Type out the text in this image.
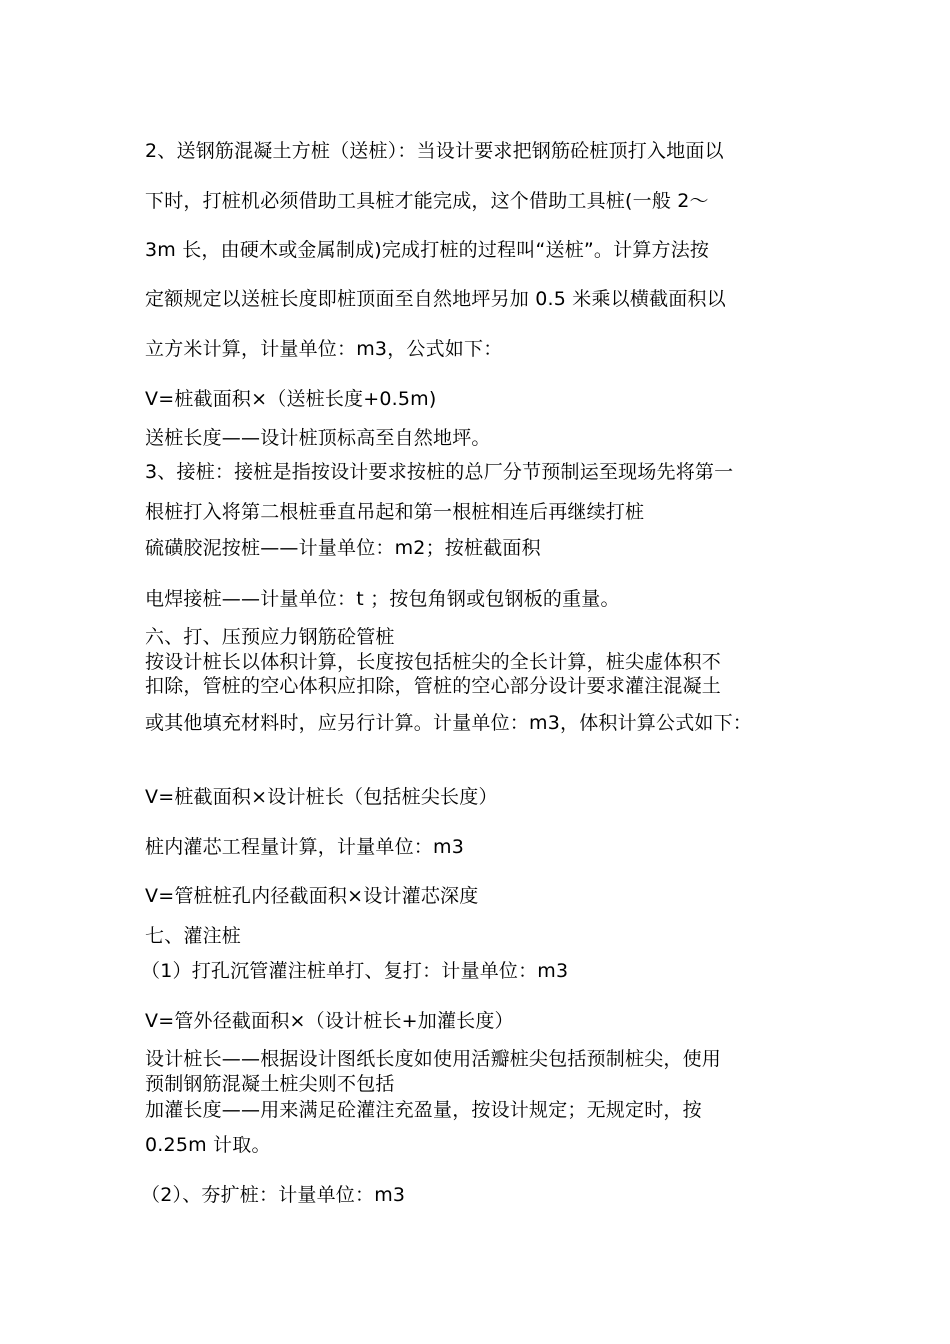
2、送钢筋混凝土方桩（送桩）：当设计要求把钢筋砼桩顶打入地面以
下时，打桩机必须借助工具桩才能完成，这个借助工具桩(一般 2～
3m 长，由硬木或金属制成)完成打桩的过程叫“送桩”。计算方法按
定额规定以送桩长度即桩顶面至自然地坪另加 0.5 米乘以横截面积以
立方米计算，计量单位：m3，公式如下：
V=桩截面积×（送桩长度+0.5m)
送桩长度——设计桩顶标高至自然地坪。
3、接桩：接桩是指按设计要求按桩的总厂分节预制运至现场先将第一
根桩打入将第二根桩垂直吊起和第一根桩相连后再继续打桩
硫磺胶泥按桩——计量单位：m2；按桩截面积
电焊接桩——计量单位：t ；按包角钢或包钢板的重量。
六、打、压预应力钢筋砼管桩
按设计桩长以体积计算，长度按包括桩尖的全长计算，桩尖虚体积不
扣除，管桩的空心体积应扣除，管桩的空心部分设计要求灌注混凝土
或其他填充材料时，应另行计算。计量单位：m3，体积计算公式如下：
V=桩截面积×设计桩长（包括桩尖长度）
桩内灌芯工程量计算，计量单位：m3
V=管桩桩孔内径截面积×设计灌芯深度
七、灌注桩
（1）打孔沉管灌注桩单打、复打：计量单位：m3
V=管外径截面积×（设计桩长+加灌长度）
设计桩长——根据设计图纸长度如使用活瓣桩尖包括预制桩尖，使用
预制钢筋混凝土桩尖则不包括
加灌长度——用来满足砼灌注充盈量，按设计规定；无规定时，按
0.25m 计取。
（2）、夯扩桩：计量单位：m3
